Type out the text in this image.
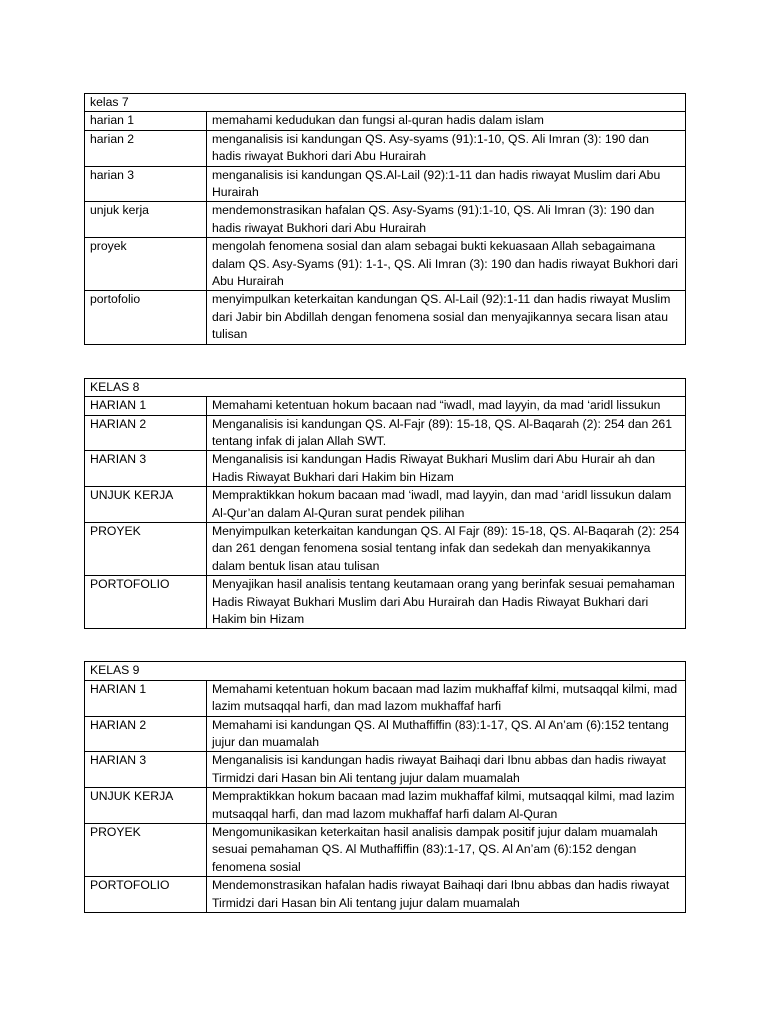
kelas 7	
harian 1	memahami kedudukan dan fungsi al-quran hadis dalam islam
harian 2	menganalisis isi kandungan QS. Asy-syams (91):1-10, QS. Ali Imran (3): 190 dan hadis riwayat Bukhori dari Abu Hurairah
harian 3	menganalisis isi kandungan QS.Al-Lail (92):1-11 dan hadis riwayat Muslim dari Abu Hurairah
unjuk kerja	mendemonstrasikan hafalan QS. Asy-Syams (91):1-10, QS. Ali Imran (3): 190 dan hadis riwayat Bukhori dari Abu Hurairah
proyek	mengolah fenomena sosial dan alam sebagai bukti kekuasaan Allah sebagaimana dalam QS. Asy-Syams (91): 1-1-, QS. Ali Imran (3): 190 dan hadis riwayat Bukhori dari Abu Hurairah
portofolio	menyimpulkan keterkaitan kandungan QS. Al-Lail (92):1-11 dan hadis riwayat Muslim dari Jabir bin Abdillah dengan fenomena sosial dan menyajikannya secara lisan atau tulisan
KELAS 8	
HARIAN 1	Memahami ketentuan hokum bacaan nad “iwadl, mad layyin, da mad ‘aridl lissukun
HARIAN 2	Menganalisis isi kandungan QS. Al-Fajr (89): 15-18, QS. Al-Baqarah (2): 254 dan 261 tentang infak di jalan Allah SWT.
HARIAN 3	Menganalisis isi kandungan Hadis Riwayat Bukhari Muslim dari Abu Hurair ah dan Hadis Riwayat Bukhari dari Hakim bin Hizam
UNJUK KERJA	Mempraktikkan hokum bacaan mad ‘iwadl, mad layyin, dan mad ‘aridl lissukun dalam Al-Qur’an dalam Al-Quran surat pendek pilihan
PROYEK	Menyimpulkan keterkaitan kandungan QS. Al Fajr (89): 15-18, QS. Al-Baqarah (2): 254 dan 261 dengan fenomena sosial tentang infak dan sedekah dan menyakikannya dalam bentuk lisan atau tulisan
PORTOFOLIO	Menyajikan hasil analisis tentang keutamaan orang yang berinfak sesuai pemahaman Hadis Riwayat Bukhari Muslim dari Abu Hurairah dan Hadis Riwayat Bukhari dari Hakim bin Hizam
KELAS 9	
HARIAN 1	Memahami ketentuan hokum bacaan mad lazim mukhaffaf kilmi, mutsaqqal kilmi, mad lazim mutsaqqal harfi, dan mad lazom mukhaffaf harfi
HARIAN 2	Memahami isi kandungan QS. Al Muthaffiffin (83):1-17, QS. Al An’am (6):152 tentang jujur dan muamalah
HARIAN 3	Menganalisis isi kandungan hadis riwayat Baihaqi dari Ibnu abbas dan hadis riwayat Tirmidzi dari Hasan bin Ali tentang jujur dalam muamalah
UNJUK KERJA	Mempraktikkan hokum bacaan mad lazim mukhaffaf kilmi, mutsaqqal kilmi, mad lazim mutsaqqal harfi, dan mad lazom mukhaffaf harfi dalam Al-Quran
PROYEK	Mengomunikasikan keterkaitan hasil analisis dampak positif jujur dalam muamalah sesuai pemahaman QS. Al Muthaffiffin (83):1-17, QS. Al An’am (6):152 dengan fenomena sosial
PORTOFOLIO	Mendemonstrasikan hafalan hadis riwayat Baihaqi dari Ibnu abbas dan hadis riwayat Tirmidzi dari Hasan bin Ali tentang jujur dalam muamalah
